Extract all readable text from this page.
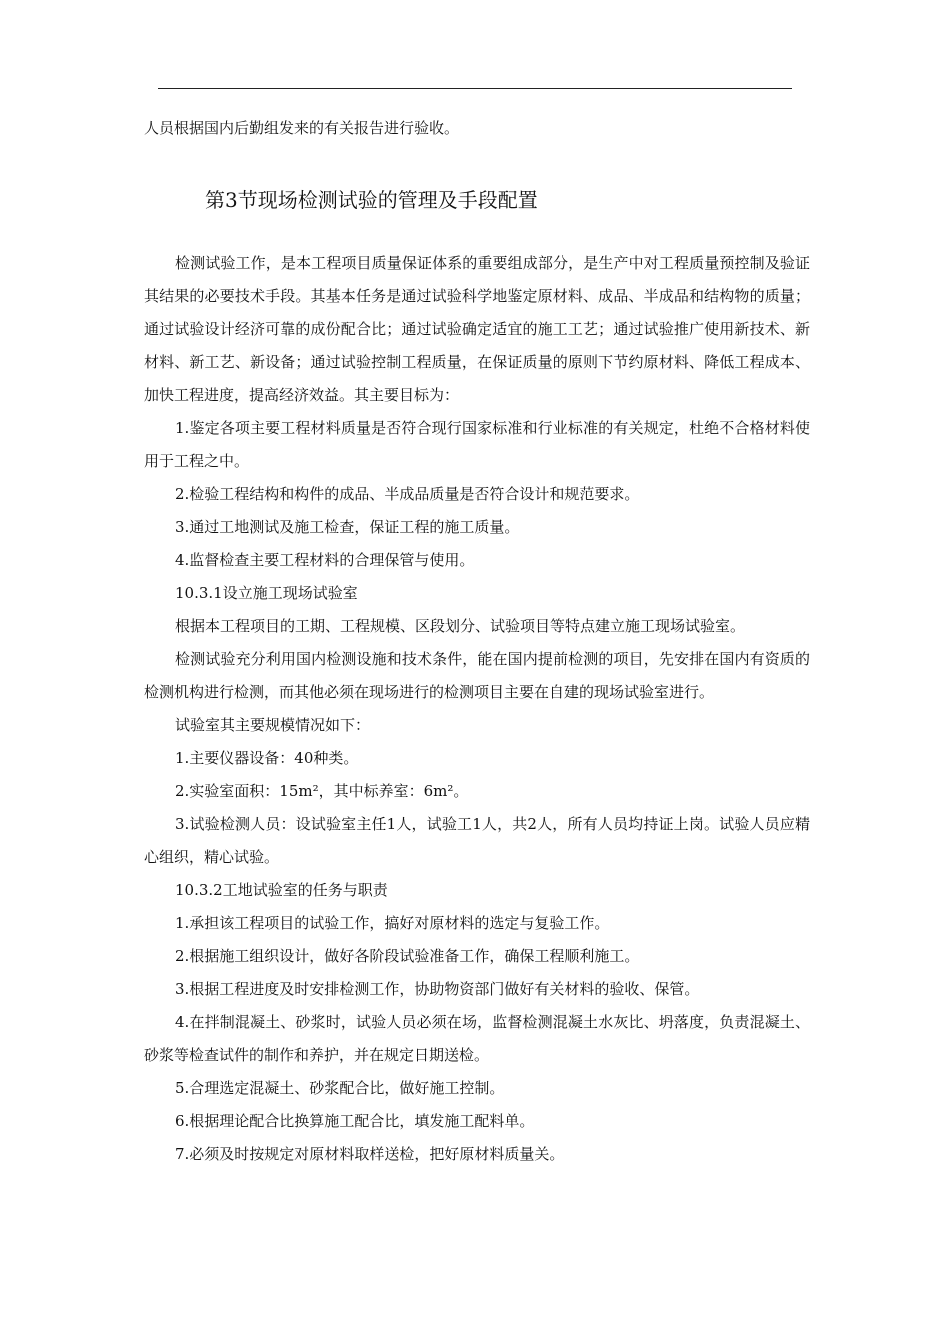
人员根据国内后勤组发来的有关报告进行验收。

第3节现场检测试验的管理及手段配置

检测试验工作，是本工程项目质量保证体系的重要组成部分，是生产中对工程质量预控制及验证其结果的必要技术手段。其基本任务是通过试验科学地鉴定原材料、成品、半成品和结构物的质量；通过试验设计经济可靠的成份配合比；通过试验确定适宜的施工工艺；通过试验推广使用新技术、新材料、新工艺、新设备；通过试验控制工程质量，在保证质量的原则下节约原材料、降低工程成本、加快工程进度，提高经济效益。其主要目标为：

1.鉴定各项主要工程材料质量是否符合现行国家标准和行业标准的有关规定，杜绝不合格材料使用于工程之中。

2.检验工程结构和构件的成品、半成品质量是否符合设计和规范要求。

3.通过工地测试及施工检查，保证工程的施工质量。

4.监督检查主要工程材料的合理保管与使用。

10.3.1设立施工现场试验室

根据本工程项目的工期、工程规模、区段划分、试验项目等特点建立施工现场试验室。

检测试验充分利用国内检测设施和技术条件，能在国内提前检测的项目，先安排在国内有资质的检测机构进行检测，而其他必须在现场进行的检测项目主要在自建的现场试验室进行。

试验室其主要规模情况如下：

1.主要仪器设备：40种类。

2.实验室面积：15m²，其中标养室：6m²。

3.试验检测人员：设试验室主任1人，试验工1人，共2人，所有人员均持证上岗。试验人员应精心组织，精心试验。

10.3.2工地试验室的任务与职责

1.承担该工程项目的试验工作，搞好对原材料的选定与复验工作。

2.根据施工组织设计，做好各阶段试验准备工作，确保工程顺利施工。

3.根据工程进度及时安排检测工作，协助物资部门做好有关材料的验收、保管。

4.在拌制混凝土、砂浆时，试验人员必须在场，监督检测混凝土水灰比、坍落度，负责混凝土、砂浆等检查试件的制作和养护，并在规定日期送检。

5.合理选定混凝土、砂浆配合比，做好施工控制。

6.根据理论配合比换算施工配合比，填发施工配料单。

7.必须及时按规定对原材料取样送检，把好原材料质量关。
